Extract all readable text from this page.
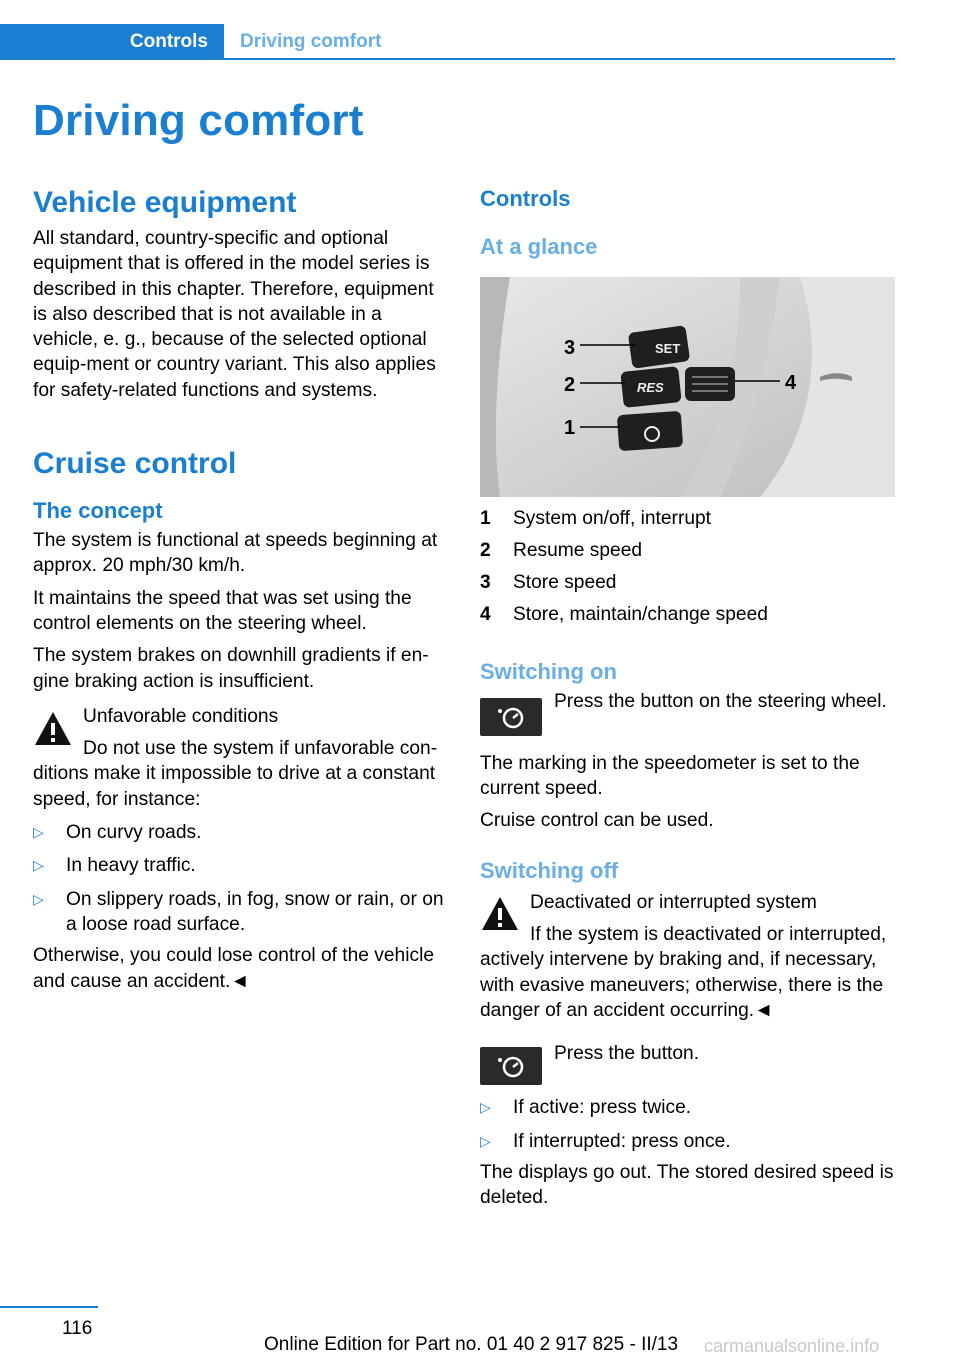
Controls	Driving comfort
Driving comfort
Vehicle equipment

All standard, country-specific and optional equipment that is offered in the model series is described in this chapter. Therefore, equipment is also described that is not available in a vehicle, e. g., because of the selected optional equip-ment or country variant. This also applies for safety-related functions and systems.

Cruise control
The concept

The system is functional at speeds beginning at approx. 20 mph/30 km/h.

It maintains the speed that was set using the control elements on the steering wheel.

The system brakes on downhill gradients if en-gine braking action is insufficient.

Unfavorable conditions

Do not use the system if unfavorable con-ditions make it impossible to drive at a constant speed, for instance:

▷	On curvy roads.
▷	In heavy traffic.
▷	On slippery roads, in fog, snow or rain, or on a loose road surface.

Otherwise, you could lose control of the vehicle and cause an accident.◄

Controls
At a glance
SET
RES
3
2
1
4
1	System on/off, interrupt
2	Resume speed
3	Store speed
4	Store, maintain/change speed
Switching on

Press the button on the steering wheel.

The marking in the speedometer is set to the current speed.

Cruise control can be used.

Switching off

Deactivated or interrupted system

If the system is deactivated or interrupted, actively intervene by braking and, if necessary, with evasive maneuvers; otherwise, there is the danger of an accident occurring.◄

Press the button.

▷	If active: press twice.
▷	If interrupted: press once.

The displays go out. The stored desired speed is deleted.

116
Online Edition for Part no. 01 40 2 917 825 - II/13 carmanualsonline.info
